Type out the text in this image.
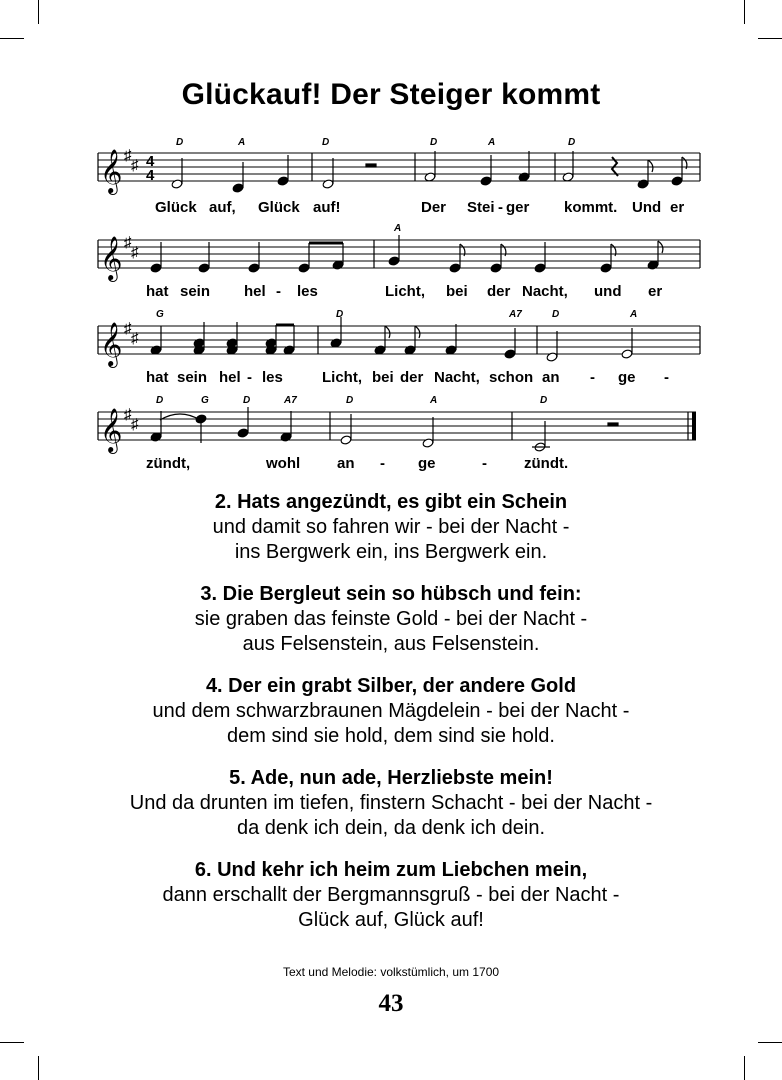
Glückauf! Der Steiger kommt
𝄞 ♯
♯ 4
4
D	A	D	D	A	D
Glück auf, Glück auf!	Der Stei - ger kommt. Und er
𝄞 ♯
♯
A
hat sein hel - les	Licht, bei der Nacht, und er
𝄞 ♯
♯
G	D	A7	D	A
hat sein hel - les	Licht, bei der Nacht, schon an - ge -
𝄞 ♯
♯
D	G	D	A7	D	A	D
zündt,	wohl an - ge	- zündt.
2. Hats angezündt, es gibt ein Schein
und damit so fahren wir - bei der Nacht -
ins Bergwerk ein, ins Bergwerk ein.
3. Die Bergleut sein so hübsch und fein:
sie graben das feinste Gold - bei der Nacht -
aus Felsenstein, aus Felsenstein.
4. Der ein grabt Silber, der andere Gold
und dem schwarzbraunen Mägdelein - bei der Nacht -
dem sind sie hold, dem sind sie hold.
5. Ade, nun ade, Herzliebste mein!
Und da drunten im tiefen, finstern Schacht - bei der Nacht -
da denk ich dein, da denk ich dein.
6. Und kehr ich heim zum Liebchen mein,
dann erschallt der Bergmannsgruß - bei der Nacht -
Glück auf, Glück auf!
Text und Melodie: volkstümlich, um 1700
43
